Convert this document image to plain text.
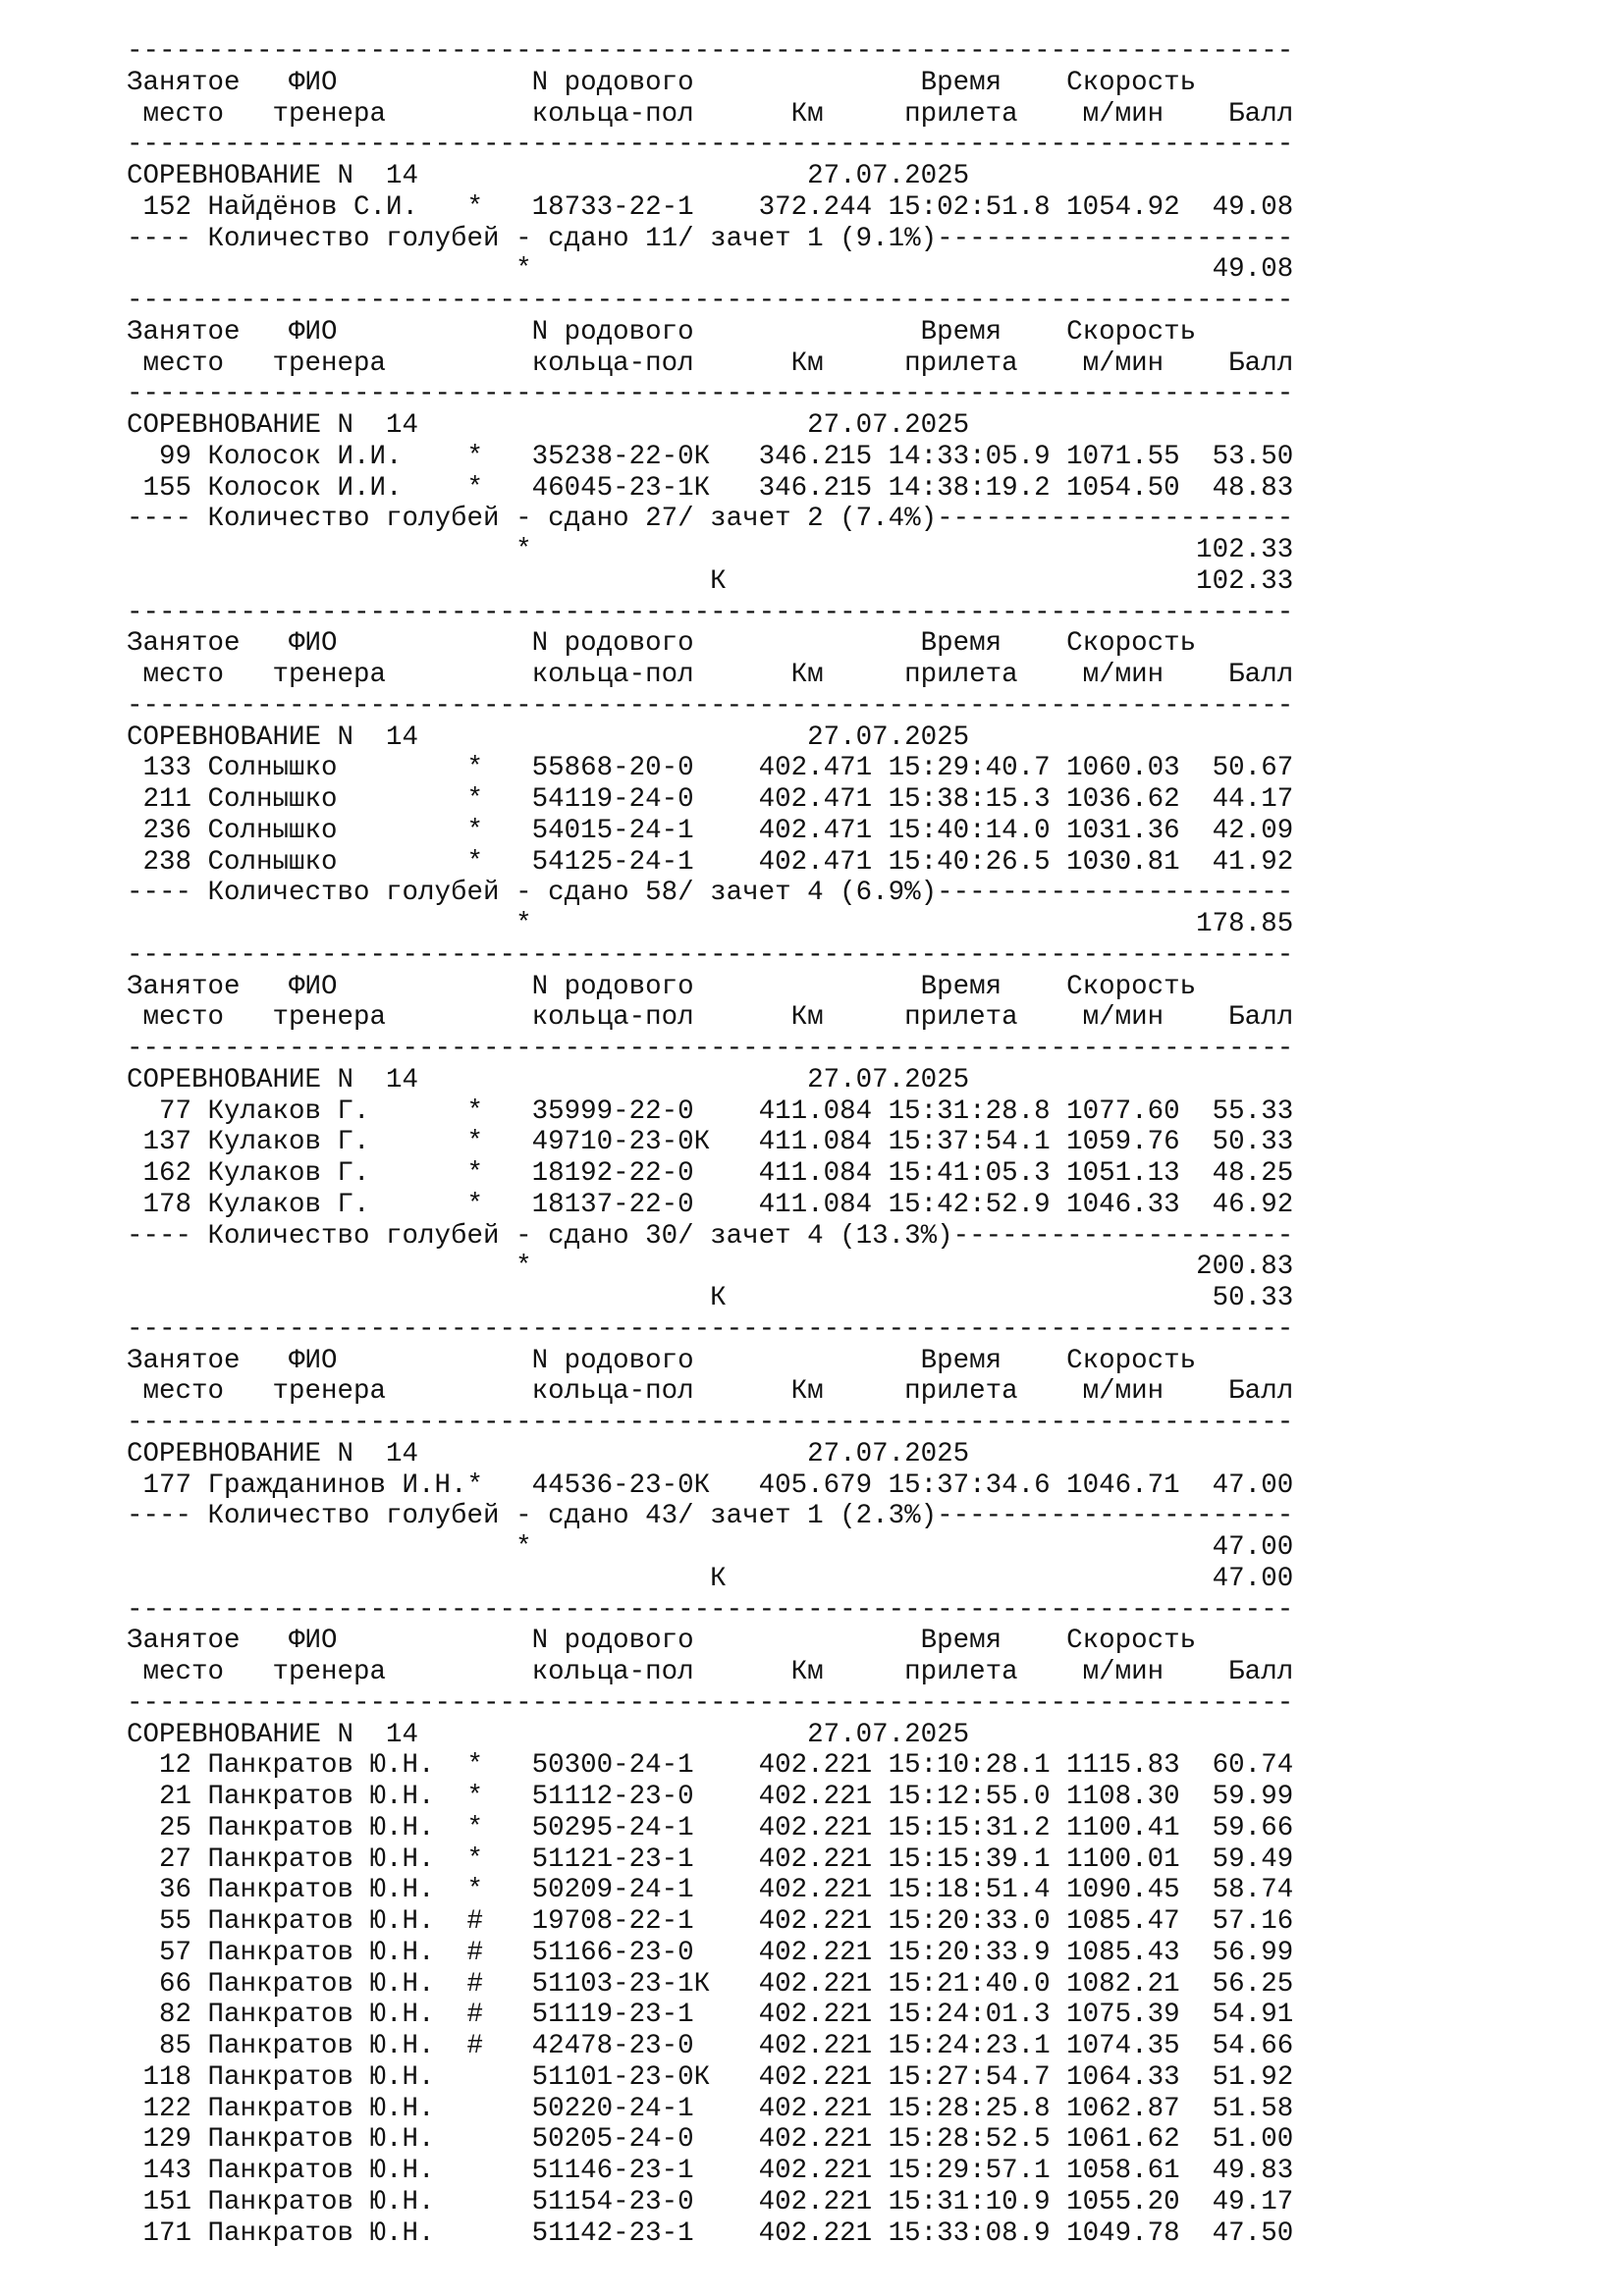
------------------------------------------------------------------------
Занятое   ФИО            N родового              Время    Скорость
место   тренера         кольца-пол      Км     прилета    м/мин    Балл
------------------------------------------------------------------------
СОРЕВНОВАНИЕ N  14                        27.07.2025
152 Найдёнов С.И.   *   18733-22-1    372.244 15:02:51.8 1054.92  49.08
---- Количество голубей - сдано 11/ зачет 1 (9.1%)----------------------
*                                          49.08
------------------------------------------------------------------------
Занятое   ФИО            N родового              Время    Скорость
место   тренера         кольца-пол      Км     прилета    м/мин    Балл
------------------------------------------------------------------------
СОРЕВНОВАНИЕ N  14                        27.07.2025
99 Колосок И.И.    *   35238-22-0К   346.215 14:33:05.9 1071.55  53.50
155 Колосок И.И.    *   46045-23-1К   346.215 14:38:19.2 1054.50  48.83
---- Количество голубей - сдано 27/ зачет 2 (7.4%)----------------------
*                                         102.33
К                             102.33
------------------------------------------------------------------------
Занятое   ФИО            N родового              Время    Скорость
место   тренера         кольца-пол      Км     прилета    м/мин    Балл
------------------------------------------------------------------------
СОРЕВНОВАНИЕ N  14                        27.07.2025
133 Солнышко        *   55868-20-0    402.471 15:29:40.7 1060.03  50.67
211 Солнышко        *   54119-24-0    402.471 15:38:15.3 1036.62  44.17
236 Солнышко        *   54015-24-1    402.471 15:40:14.0 1031.36  42.09
238 Солнышко        *   54125-24-1    402.471 15:40:26.5 1030.81  41.92
---- Количество голубей - сдано 58/ зачет 4 (6.9%)----------------------
*                                         178.85
------------------------------------------------------------------------
Занятое   ФИО            N родового              Время    Скорость
место   тренера         кольца-пол      Км     прилета    м/мин    Балл
------------------------------------------------------------------------
СОРЕВНОВАНИЕ N  14                        27.07.2025
77 Кулаков Г.      *   35999-22-0    411.084 15:31:28.8 1077.60  55.33
137 Кулаков Г.      *   49710-23-0К   411.084 15:37:54.1 1059.76  50.33
162 Кулаков Г.      *   18192-22-0    411.084 15:41:05.3 1051.13  48.25
178 Кулаков Г.      *   18137-22-0    411.084 15:42:52.9 1046.33  46.92
---- Количество голубей - сдано 30/ зачет 4 (13.3%)---------------------
*                                         200.83
К                              50.33
------------------------------------------------------------------------
Занятое   ФИО            N родового              Время    Скорость
место   тренера         кольца-пол      Км     прилета    м/мин    Балл
------------------------------------------------------------------------
СОРЕВНОВАНИЕ N  14                        27.07.2025
177 Гражданинов И.Н.*   44536-23-0К   405.679 15:37:34.6 1046.71  47.00
---- Количество голубей - сдано 43/ зачет 1 (2.3%)----------------------
*                                          47.00
К                              47.00
------------------------------------------------------------------------
Занятое   ФИО            N родового              Время    Скорость
место   тренера         кольца-пол      Км     прилета    м/мин    Балл
------------------------------------------------------------------------
СОРЕВНОВАНИЕ N  14                        27.07.2025
12 Панкратов Ю.Н.  *   50300-24-1    402.221 15:10:28.1 1115.83  60.74
21 Панкратов Ю.Н.  *   51112-23-0    402.221 15:12:55.0 1108.30  59.99
25 Панкратов Ю.Н.  *   50295-24-1    402.221 15:15:31.2 1100.41  59.66
27 Панкратов Ю.Н.  *   51121-23-1    402.221 15:15:39.1 1100.01  59.49
36 Панкратов Ю.Н.  *   50209-24-1    402.221 15:18:51.4 1090.45  58.74
55 Панкратов Ю.Н.  #   19708-22-1    402.221 15:20:33.0 1085.47  57.16
57 Панкратов Ю.Н.  #   51166-23-0    402.221 15:20:33.9 1085.43  56.99
66 Панкратов Ю.Н.  #   51103-23-1К   402.221 15:21:40.0 1082.21  56.25
82 Панкратов Ю.Н.  #   51119-23-1    402.221 15:24:01.3 1075.39  54.91
85 Панкратов Ю.Н.  #   42478-23-0    402.221 15:24:23.1 1074.35  54.66
118 Панкратов Ю.Н.      51101-23-0К   402.221 15:27:54.7 1064.33  51.92
122 Панкратов Ю.Н.      50220-24-1    402.221 15:28:25.8 1062.87  51.58
129 Панкратов Ю.Н.      50205-24-0    402.221 15:28:52.5 1061.62  51.00
143 Панкратов Ю.Н.      51146-23-1    402.221 15:29:57.1 1058.61  49.83
151 Панкратов Ю.Н.      51154-23-0    402.221 15:31:10.9 1055.20  49.17
171 Панкратов Ю.Н.      51142-23-1    402.221 15:33:08.9 1049.78  47.50
